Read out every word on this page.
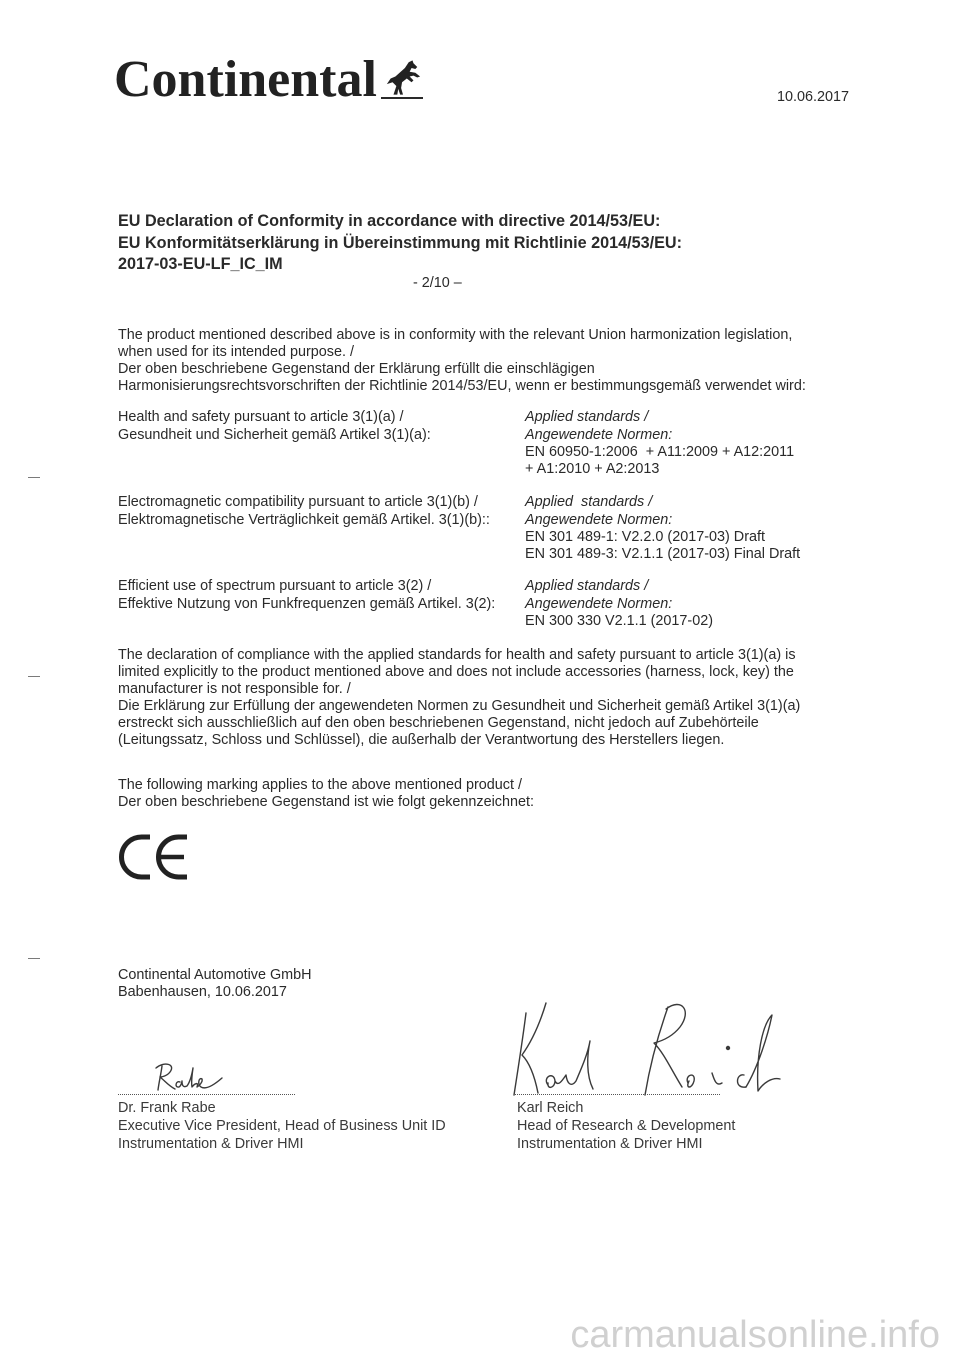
Continental	10.06.2017
EU Declaration of Conformity in accordance with directive 2014/53/EU:
EU Konformitätserklärung in Übereinstimmung mit Richtlinie 2014/53/EU:
2017-03-EU-LF_IC_IM
- 2/10 –
The product mentioned described above is in conformity with the relevant Union harmonization legislation,
when used for its intended purpose. /
Der oben beschriebene Gegenstand der Erklärung erfüllt die einschlägigen
Harmonisierungsrechtsvorschriften der Richtlinie 2014/53/EU, wenn er bestimmungsgemäß verwendet wird:
Health and safety pursuant to article 3(1)(a) /
Gesundheit und Sicherheit gemäß Artikel 3(1)(a):
Applied standards /
Angewendete Normen:
EN 60950-1:2006  + A11:2009 + A12:2011
+ A1:2010 + A2:2013
Electromagnetic compatibility pursuant to article 3(1)(b) /
Elektromagnetische Verträglichkeit gemäß Artikel. 3(1)(b)::
Applied  standards /
Angewendete Normen:
EN 301 489-1: V2.2.0 (2017-03) Draft
EN 301 489-3: V2.1.1 (2017-03) Final Draft
Efficient use of spectrum pursuant to article 3(2) /
Effektive Nutzung von Funkfrequenzen gemäß Artikel. 3(2):
Applied standards /
Angewendete Normen:
EN 300 330 V2.1.1 (2017-02)
The declaration of compliance with the applied standards for health and safety pursuant to article 3(1)(a) is
limited explicitly to the product mentioned above and does not include accessories (harness, lock, key) the
manufacturer is not responsible for. /
Die Erklärung zur Erfüllung der angewendeten Normen zu Gesundheit und Sicherheit gemäß Artikel 3(1)(a)
erstreckt sich ausschließlich auf den oben beschriebenen Gegenstand, nicht jedoch auf Zubehörteile
(Leitungssatz, Schloss und Schlüssel), die außerhalb der Verantwortung des Herstellers liegen.
The following marking applies to the above mentioned product /
Der oben beschriebene Gegenstand ist wie folgt gekennzeichnet:
Continental Automotive GmbH
Babenhausen, 10.06.2017
Dr. Frank Rabe
Executive Vice President, Head of Business Unit ID
Instrumentation & Driver HMI
Karl Reich
Head of Research & Development
Instrumentation & Driver HMI
carmanualsonline.info
